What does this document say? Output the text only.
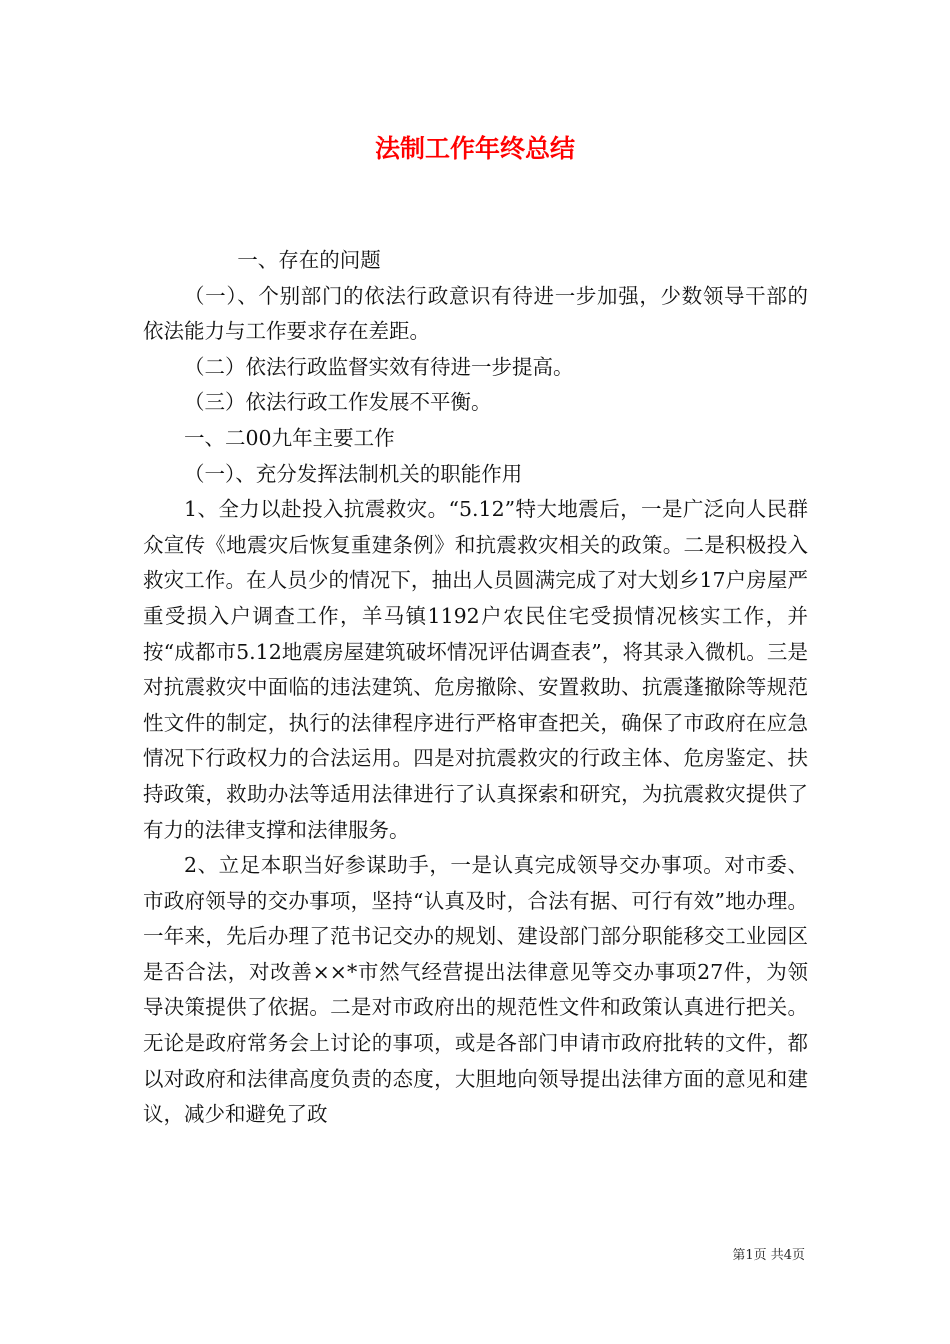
法制工作年终总结

一、存在的问题

（一）、个别部门的依法行政意识有待进一步加强，少数领导干部的依法能力与工作要求存在差距。

（二）依法行政监督实效有待进一步提高。

（三）依法行政工作发展不平衡。

一、二00九年主要工作

（一）、充分发挥法制机关的职能作用

1、全力以赴投入抗震救灾。“5.12”特大地震后，一是广泛向人民群众宣传《地震灾后恢复重建条例》和抗震救灾相关的政策。二是积极投入救灾工作。在人员少的情况下，抽出人员圆满完成了对大划乡17户房屋严重受损入户调查工作，羊马镇1192户农民住宅受损情况核实工作，并按“成都市5.12地震房屋建筑破坏情况评估调查表”，将其录入微机。三是对抗震救灾中面临的违法建筑、危房撤除、安置救助、抗震蓬撤除等规范性文件的制定，执行的法律程序进行严格审查把关，确保了市政府在应急情况下行政权力的合法运用。四是对抗震救灾的行政主体、危房鉴定、扶持政策，救助办法等适用法律进行了认真探索和研究，为抗震救灾提供了有力的法律支撑和法律服务。

2、立足本职当好参谋助手，一是认真完成领导交办事项。对市委、市政府领导的交办事项，坚持“认真及时，合法有据、可行有效”地办理。一年来，先后办理了范书记交办的规划、建设部门部分职能移交工业园区是否合法，对改善××*市然气经营提出法律意见等交办事项27件，为领导决策提供了依据。二是对市政府出的规范性文件和政策认真进行把关。无论是政府常务会上讨论的事项，或是各部门申请市政府批转的文件，都以对政府和法律高度负责的态度，大胆地向领导提出法律方面的意见和建议，减少和避免了政

第1页 共4页
